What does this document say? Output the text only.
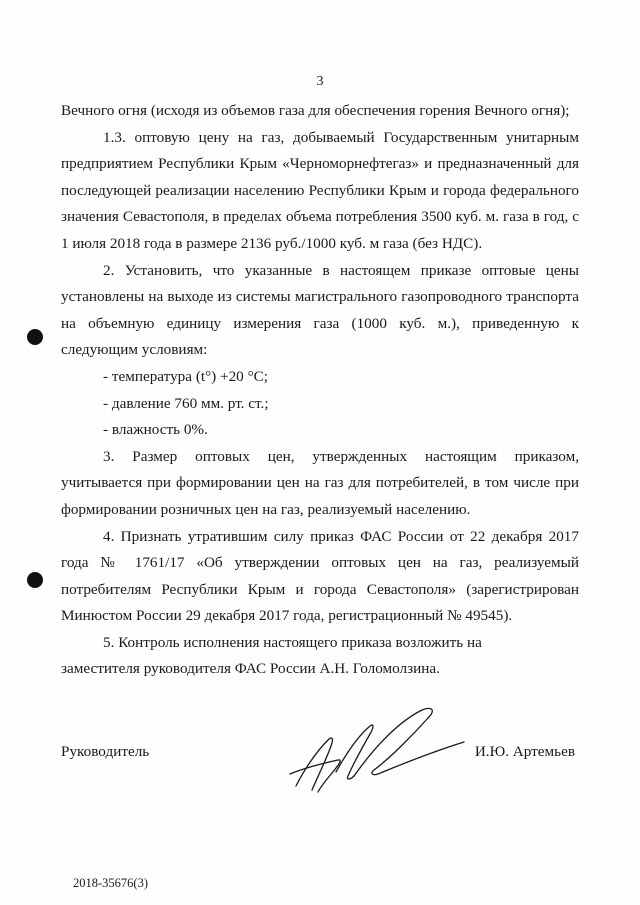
3

Вечного огня (исходя из объемов газа для обеспечения горения Вечного огня);

1.3. оптовую цену на газ, добываемый Государственным унитарным предприятием Республики Крым «Черноморнефтегаз» и предназначенный для последующей реализации населению Республики Крым и города федерального значения Севастополя, в пределах объема потребления 3500 куб. м. газа в год, с 1 июля 2018 года в размере 2136 руб./1000 куб. м газа (без НДС).

2. Установить, что указанные в настоящем приказе оптовые цены установлены на выходе из системы магистрального газопроводного транспорта на объемную единицу измерения газа (1000 куб. м.), приведенную к следующим условиям:

- температура (t°) +20 °С;

- давление 760 мм. рт. ст.;

- влажность 0%.

3. Размер оптовых цен, утвержденных настоящим приказом, учитывается при формировании цен на газ для потребителей, в том числе при формировании розничных цен на газ, реализуемый населению.

4. Признать утратившим силу приказ ФАС России от 22 декабря 2017 года № 1761/17 «Об утверждении оптовых цен на газ, реализуемый потребителям Республики Крым и города Севастополя» (зарегистрирован Минюстом России 29 декабря 2017 года, регистрационный № 49545).

5. Контроль исполнения настоящего приказа возложить на

заместителя руководителя ФАС России А.Н. Голомолзина.

Руководитель	И.Ю. Артемьев
2018-35676(3)
